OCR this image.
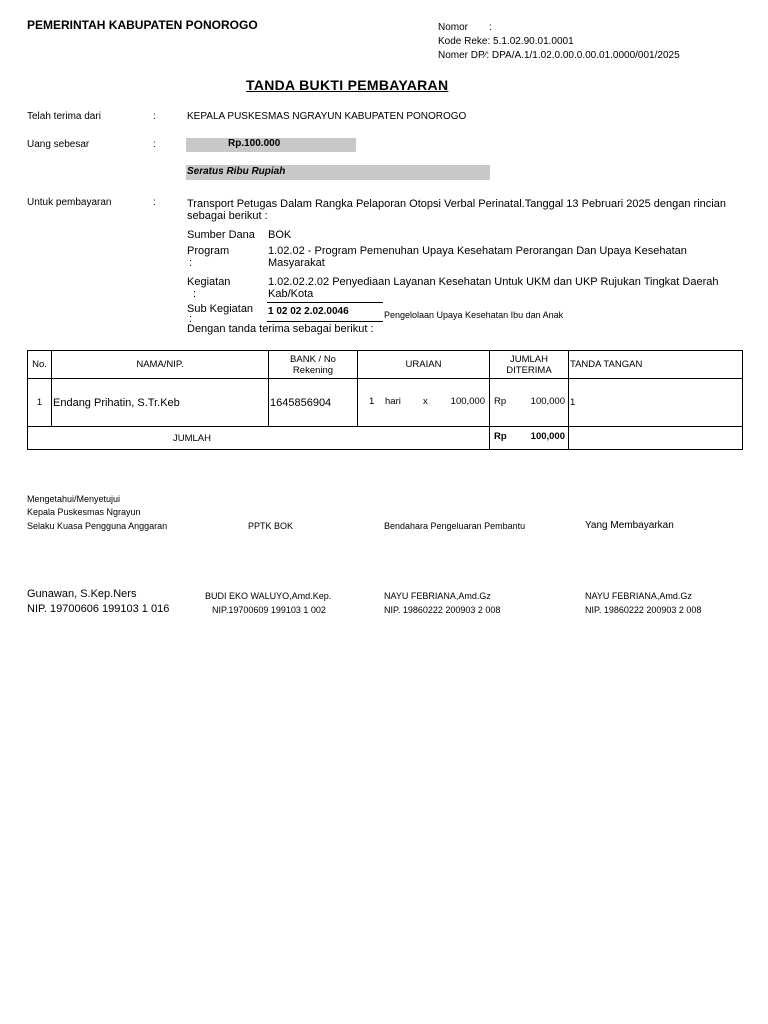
PEMERINTAH KABUPATEN PONOROGO	Nomor :
Kode Reke: 5.1.02.90.01.0001
Nomer DP⁄: DPA/A.1/1.02.0.00.0.00.01.0000/001/2025
TANDA BUKTI PEMBAYARAN
Telah terima dari	:	KEPALA PUSKESMAS NGRAYUN KABUPATEN PONOROGO
Uang sebesar	:	Rp.100.000
Seratus Ribu Rupiah
Untuk pembayaran	:	Transport Petugas Dalam Rangka Pelaporan Otopsi Verbal Perinatal.Tanggal 13 Pebruari 2025 dengan rincian sebagai berikut :
Sumber Dana BOK
Program
:
1.02.02 - Program Pemenuhan Upaya Kesehatam Perorangan Dan Upaya Kesehatan Masyarakat
Kegiatan
:
1.02.02.2.02 Penyediaan Layanan Kesehatan Untuk UKM dan UKP Rujukan Tingkat Daerah Kab/Kota
Sub Kegiatan
:
1 02 02 2.02.0046	Pengelolaan Upaya Kesehatan Ibu dan Anak
Dengan tanda terima sebagai berikut :
No.	NAMA/NIP.	BANK / No Rekening	URAIAN	JUMLAH DITERIMA	TANDA TANGAN
1	Endang Prihatin, S.Tr.Keb	1645856904	1 hari x 100,000	Rp 100,000	1
JUMLAH				Rp 100,000	

Mengetahui/Menyetujui
Kepala Puskesmas Ngrayun
Selaku Kuasa Pengguna Anggaran	PPTK BOK	Bendahara Pengeluaran Pembantu	Yang Membayarkan
Gunawan, S.Kep.Ners
NIP. 19700606 199103 1 016
BUDI EKO WALUYO,Amd.Kep.
NIP.19700609 199103 1 002
NAYU FEBRIANA,Amd.Gz
NIP. 19860222 200903 2 008
NAYU FEBRIANA,Amd.Gz
NIP. 19860222 200903 2 008
